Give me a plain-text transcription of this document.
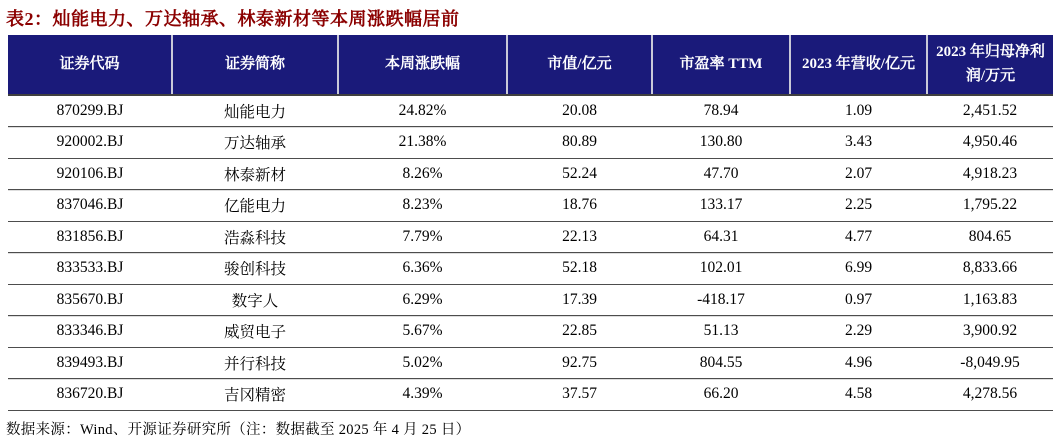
表2：灿能电力、万达轴承、林泰新材等本周涨跌幅居前
证券代码	证券简称	本周涨跌幅	市值/亿元	市盈率 TTM	2023 年营收/亿元	2023 年归母净利润/万元
870299.BJ	灿能电力	24.82%	20.08	78.94	1.09	2,451.52
920002.BJ	万达轴承	21.38%	80.89	130.80	3.43	4,950.46
920106.BJ	林泰新材	8.26%	52.24	47.70	2.07	4,918.23
837046.BJ	亿能电力	8.23%	18.76	133.17	2.25	1,795.22
831856.BJ	浩淼科技	7.79%	22.13	64.31	4.77	804.65
833533.BJ	骏创科技	6.36%	52.18	102.01	6.99	8,833.66
835670.BJ	数字人	6.29%	17.39	-418.17	0.97	1,163.83
833346.BJ	威贸电子	5.67%	22.85	51.13	2.29	3,900.92
839493.BJ	并行科技	5.02%	92.75	804.55	4.96	-8,049.95
836720.BJ	吉冈精密	4.39%	37.57	66.20	4.58	4,278.56
数据来源：Wind、开源证券研究所（注：数据截至 2025 年 4 月 25 日）
